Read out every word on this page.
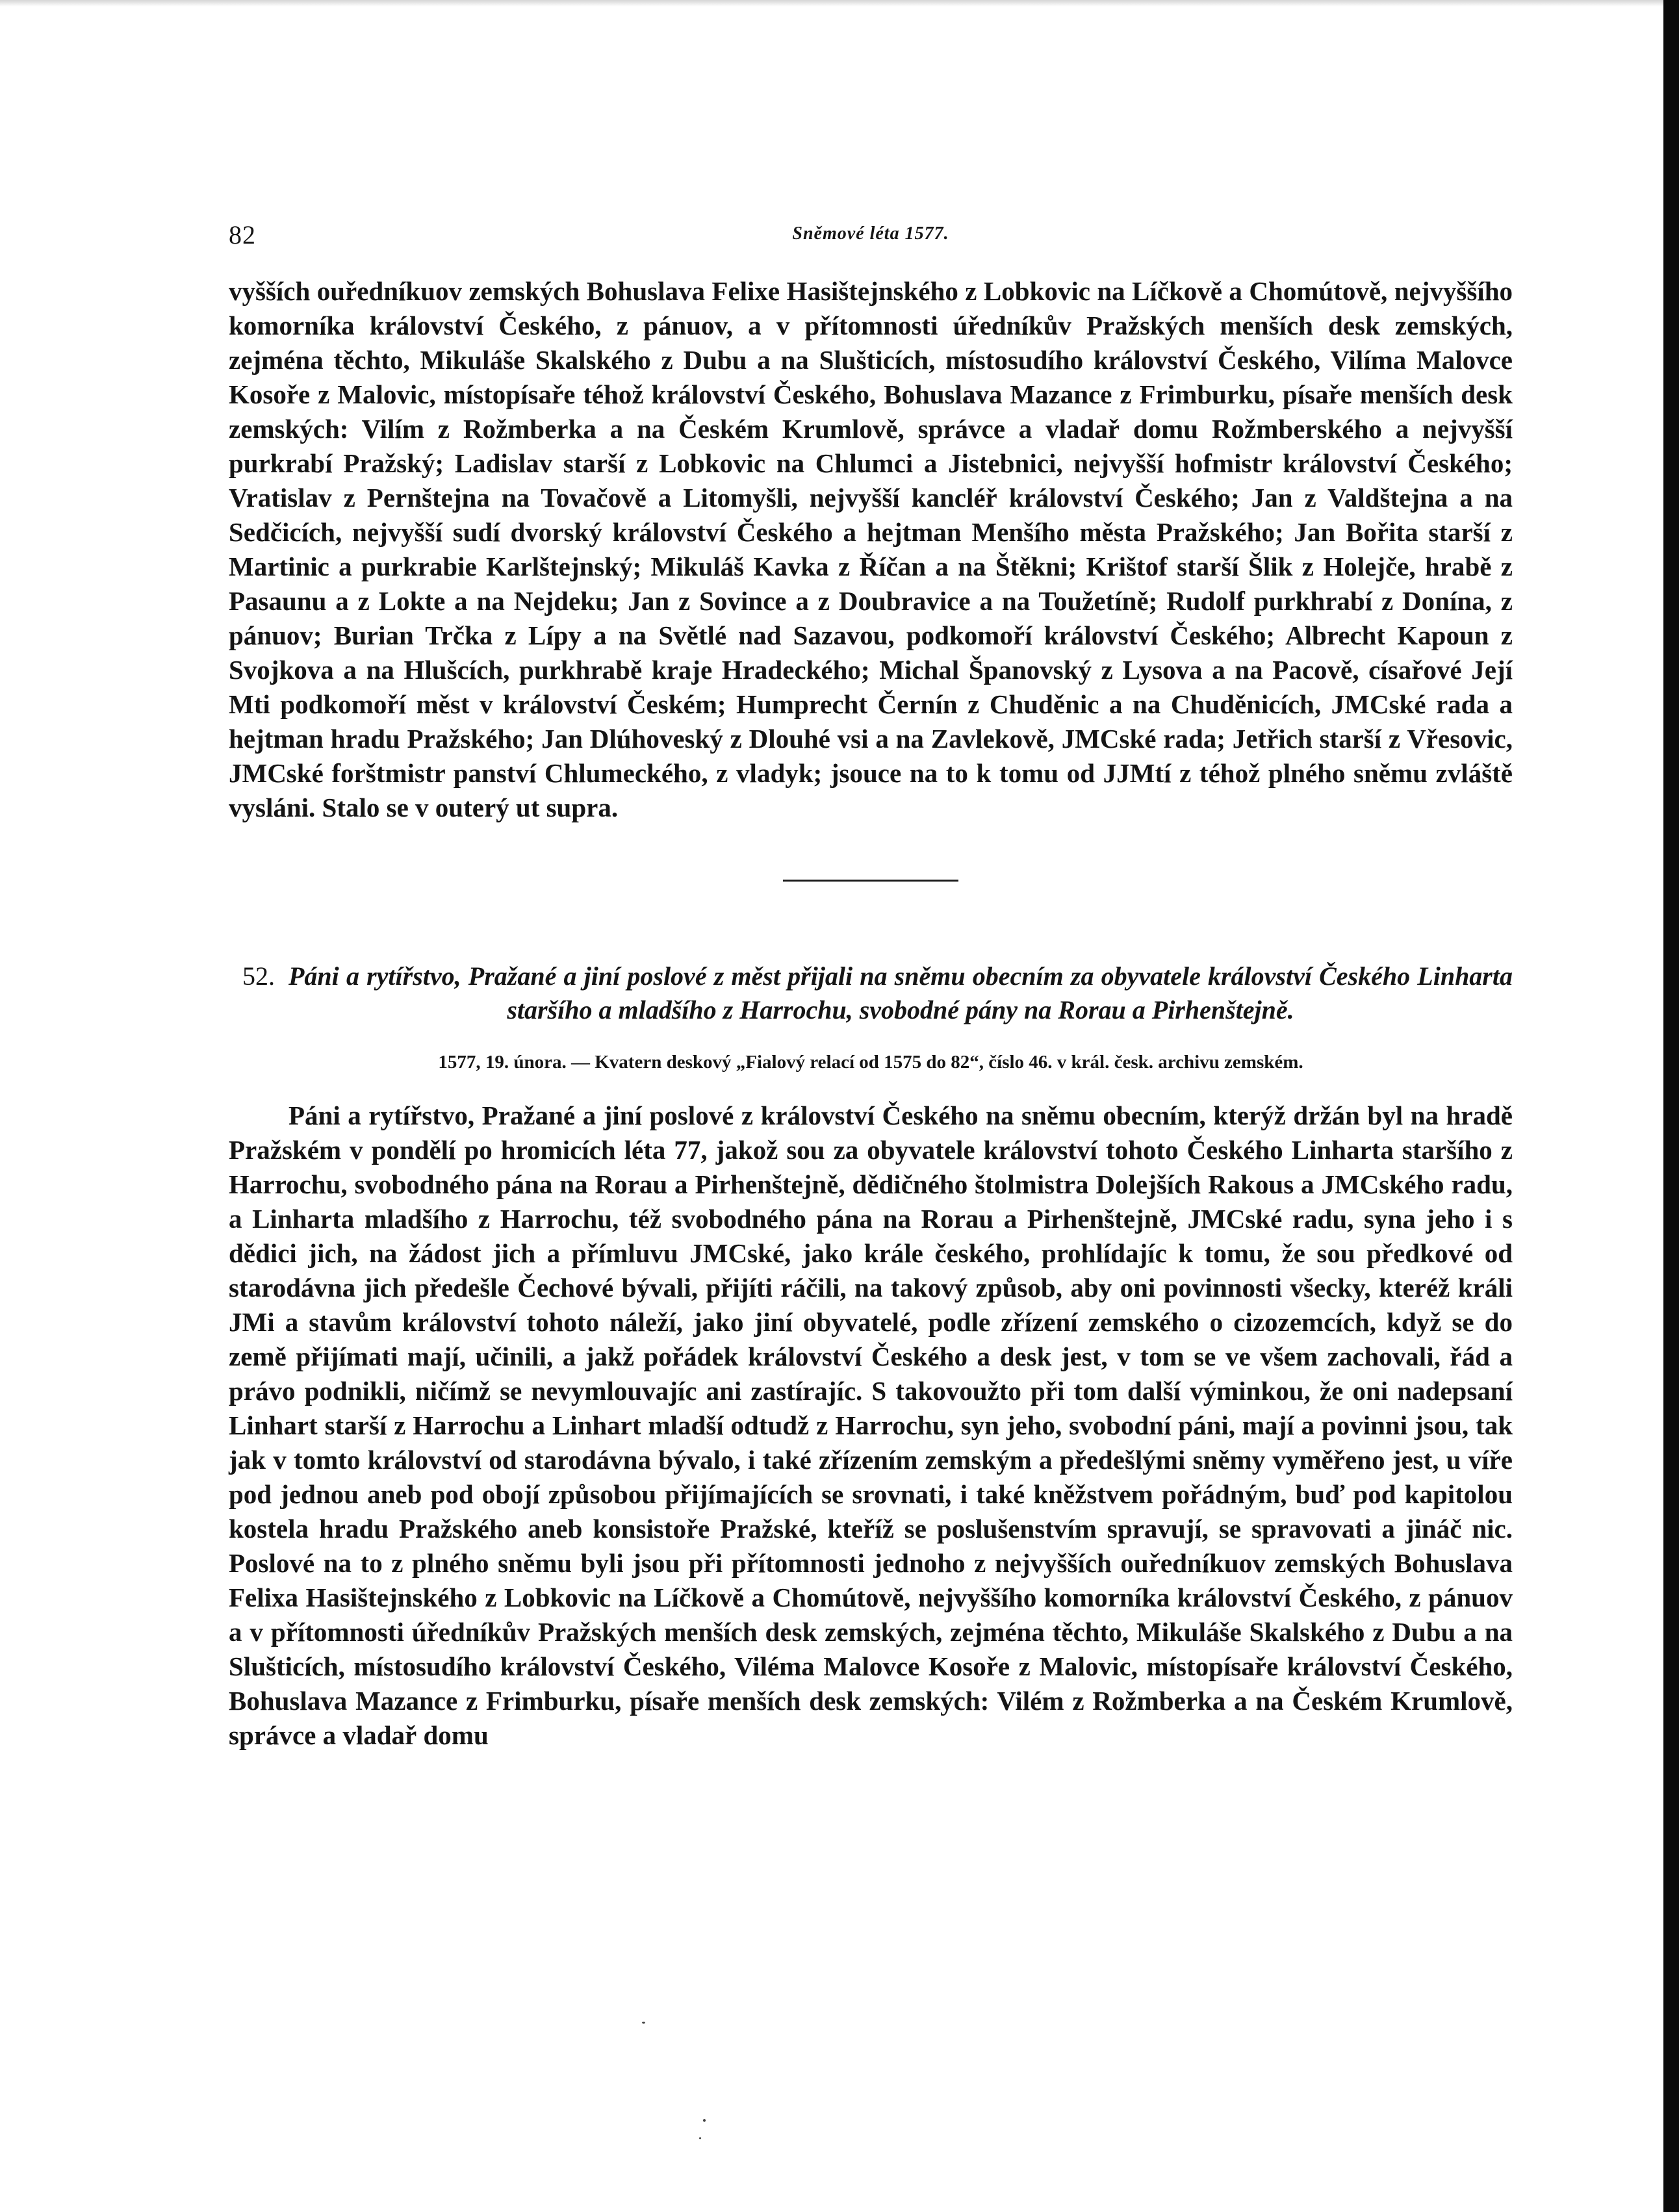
82	Sněmové léta 1577.

vyšších ouředníkuov zemských Bohuslava Felixe Hasištejnského z Lobkovic na Líčkově a Chomútově, nejvyššího komorníka království Českého, z pánuov, a v přítomnosti úředníkův Pražských menších desk zemských, zejména těchto, Mikuláše Skalského z Dubu a na Slušticích, místosudího království Českého, Vilíma Malovce Kosoře z Malovic, místopísaře téhož království Českého, Bohuslava Mazance z Frimburku, písaře menších desk zemských: Vilím z Rožmberka a na Českém Krumlově, správce a vladař domu Rožmberského a nejvyšší purkrabí Pražský; Ladislav starší z Lobkovic na Chlumci a Jistebnici, nejvyšší hofmistr království Českého; Vratislav z Pernštejna na Tovačově a Litomyšli, nejvyšší kancléř království Českého; Jan z Valdštejna a na Sedčicích, nejvyšší sudí dvorský království Českého a hejtman Menšího města Pražského; Jan Bořita starší z Martinic a purkrabie Karlštejnský; Mikuláš Kavka z Říčan a na Štěkni; Krištof starší Šlik z Holejče, hrabě z Pasaunu a z Lokte a na Nejdeku; Jan z Sovince a z Doubravice a na Toužetíně; Rudolf purkhrabí z Donína, z pánuov; Burian Trčka z Lípy a na Světlé nad Sazavou, podkomoří království Českého; Albrecht Kapoun z Svojkova a na Hlušcích, purkhrabě kraje Hradeckého; Michal Španovský z Lysova a na Pacově, císařové Její Mti podkomoří měst v království Českém; Humprecht Černín z Chuděnic a na Chuděnicích, JMCské rada a hejtman hradu Pražského; Jan Dlúhoveský z Dlouhé vsi a na Zavlekově, JMCské rada; Jetřich starší z Vřesovic, JMCské forštmistr panství Chlumeckého, z vladyk; jsouce na to k tomu od JJMtí z téhož plného sněmu zvláště vysláni. Stalo se v outerý ut supra.

52. Páni a rytířstvo, Pražané a jiní poslové z měst přijali na sněmu obecním za obyvatele království Českého Linharta staršího a mladšího z Harrochu, svobodné pány na Rorau a Pirhenštejně.
1577, 19. února. — Kvatern deskový „Fialový relací od 1575 do 82“, číslo 46. v král. česk. archivu zemském.

Páni a rytířstvo, Pražané a jiní poslové z království Českého na sněmu obecním, kterýž držán byl na hradě Pražském v pondělí po hromicích léta 77, jakož sou za obyvatele království tohoto Českého Linharta staršího z Harrochu, svobodného pána na Rorau a Pirhenštejně, dědičného štolmistra Dolejších Rakous a JMCského radu, a Linharta mladšího z Harrochu, též svobodného pána na Rorau a Pirhenštejně, JMCské radu, syna jeho i s dědici jich, na žádost jich a přímluvu JMCské, jako krále českého, prohlídajíc k tomu, že sou předkové od starodávna jich předešle Čechové bývali, přijíti ráčili, na takový způsob, aby oni povinnosti všecky, kteréž králi JMi a stavům království tohoto náleží, jako jiní obyvatelé, podle zřízení zemského o cizozemcích, když se do země přijímati mají, učinili, a jakž pořádek království Českého a desk jest, v tom se ve všem zachovali, řád a právo podnikli, ničímž se nevymlouvajíc ani zastírajíc. S takovoužto při tom další výminkou, že oni nadepsaní Linhart starší z Harrochu a Linhart mladší odtudž z Harrochu, syn jeho, svobodní páni, mají a povinni jsou, tak jak v tomto království od starodávna bývalo, i také zřízením zemským a předešlými sněmy vyměřeno jest, u víře pod jednou aneb pod obojí způsobou přijímajících se srovnati, i také kněžstvem pořádným, buď pod kapitolou kostela hradu Pražského aneb konsistoře Pražské, kteříž se poslušenstvím spravují, se spravovati a jináč nic. Poslové na to z plného sněmu byli jsou při přítomnosti jednoho z nejvyšších ouředníkuov zemských Bohuslava Felixa Hasištejnského z Lobkovic na Líčkově a Chomútově, nejvyššího komorníka království Českého, z pánuov a v přítomnosti úředníkův Pražských menších desk zemských, zejména těchto, Mikuláše Skalského z Dubu a na Slušticích, místosudího království Českého, Viléma Malovce Kosoře z Malovic, místopísaře království Českého, Bohuslava Mazance z Frimburku, písaře menších desk zemských: Vilém z Rožmberka a na Českém Krumlově, správce a vladař domu
